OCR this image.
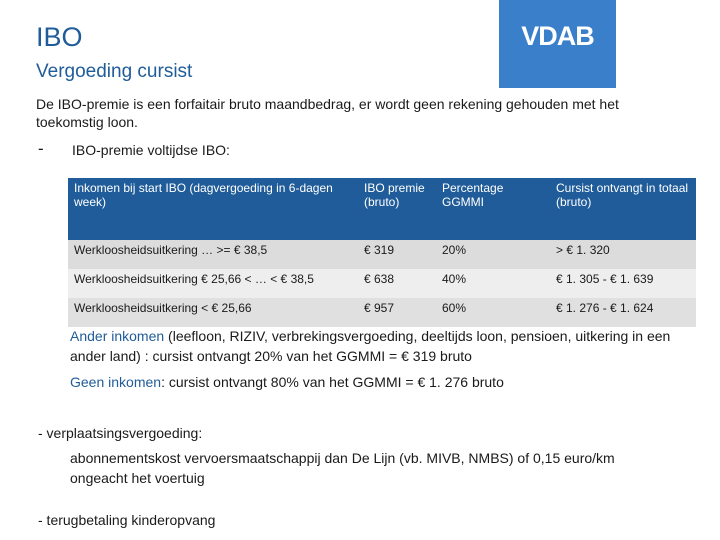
IBO
Vergoeding cursist
VDAB
De IBO-premie is een forfaitair bruto maandbedrag, er wordt geen rekening gehouden met het toekomstig loon.
- IBO-premie voltijdse IBO:
Inkomen bij start IBO (dagvergoeding in 6-dagen week)	IBO premie (bruto)	Percentage GGMMI	Cursist ontvangt in totaal (bruto)
Werkloosheidsuitkering … >= € 38,5	€ 319	20%	> € 1. 320
Werkloosheidsuitkering € 25,66 < … < € 38,5	€ 638	40%	€ 1. 305 - € 1. 639
Werkloosheidsuitkering < € 25,66	€ 957	60%	€ 1. 276 - € 1. 624
Ander inkomen (leefloon, RIZIV, verbrekingsvergoeding, deeltijds loon, pensioen, uitkering in een ander land) : cursist ontvangt 20% van het GGMMI = € 319 bruto
Geen inkomen: cursist ontvangt 80% van het GGMMI = € 1. 276 bruto
- verplaatsingsvergoeding:
abonnementskost vervoersmaatschappij dan De Lijn (vb. MIVB, NMBS) of 0,15 euro/km ongeacht het voertuig
- terugbetaling kinderopvang
